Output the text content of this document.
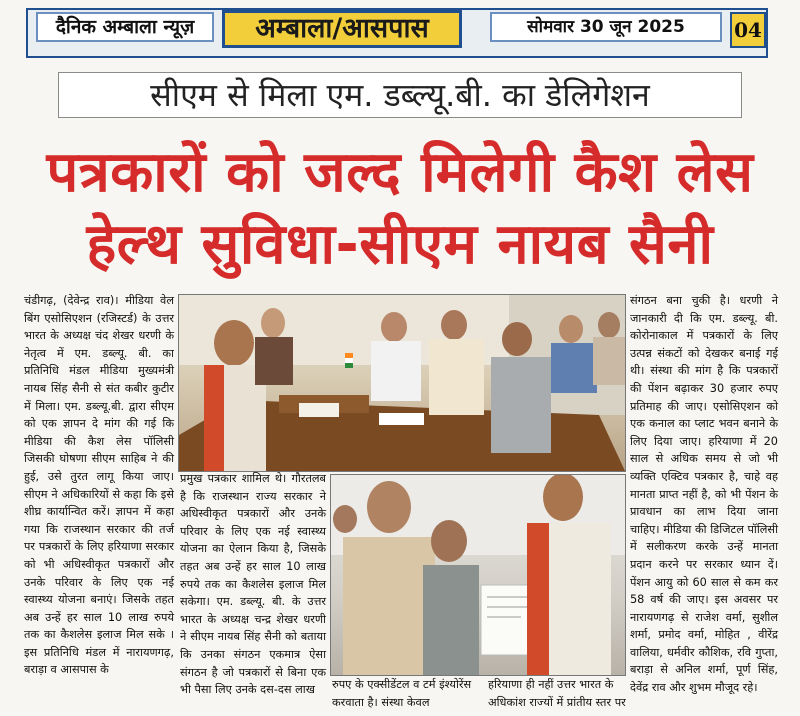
दैनिक अम्बाला न्यूज़	अम्बाला/आसपास	सोमवार 30 जून 2025	04
सीएम से मिला एम. डब्ल्यू.बी. का डेलिगेशन
पत्रकारों को जल्द मिलेगी कैश लेस
हेल्थ सुविधा-सीएम नायब सैनी
चंडीगढ़, (देवेन्द्र राव)। मीडिया वेल बिंग एसोसिएशन (रजिस्टर्ड) के उत्तर भारत के अध्यक्ष चंद शेखर धरणी के नेतृत्व में एम. डब्ल्यू. बी. का प्रतिनिधि मंडल मीडिया मुख्यमंत्री नायब सिंह सैनी से संत कबीर कुटीर में मिला। एम. डब्ल्यू.बी. द्वारा सीएम को एक ज्ञापन दे मांग की गई कि मीडिया की कैश लेस पॉलिसी जिसकी घोषणा सीएम साहिब ने की हुई, उसे तुरत लागू किया जाए। सीएम ने अधिकारियों से कहा कि इसे शीघ्र कार्यान्वित करें। ज्ञापन में कहा गया कि राजस्थान सरकार की तर्ज पर पत्रकारों के लिए हरियाणा सरकार को भी अधिस्वीकृत पत्रकारों और उनके परिवार के लिए एक नई स्वास्थ्य योजना बनाएं। जिसके तहत अब उन्हें हर साल 10 लाख रुपये तक का कैशलेस इलाज मिल सके । इस प्रतिनिधि मंडल में नारायणगढ़, बराड़ा व आसपास के
प्रमुख पत्रकार शामिल थे। गौरतलब है कि राजस्थान राज्य सरकार ने अधिस्वीकृत पत्रकारों और उनके परिवार के लिए एक नई स्वास्थ्य योजना का ऐलान किया है, जिसके तहत अब उन्हें हर साल 10 लाख रुपये तक का कैशलेस इलाज मिल सकेगा। एम. डब्ल्यू. बी. के उत्तर भारत के अध्यक्ष चन्द्र शेखर धरणी ने सीएम नायब सिंह सैनी को बताया कि उनका संगठन एकमात्र ऐसा संगठन है जो पत्रकारों से बिना एक भी पैसा लिए उनके दस-दस लाख	रुपए के एक्सीडेंटल व टर्म इंश्योरेंस करवाता है। संस्था केवल
हरियाणा ही नहीं उत्तर भारत के अधिकांश राज्यों में प्रांतीय स्तर पर
संगठन बना चुकी है। धरणी ने जानकारी दी कि एम. डब्ल्यू. बी. कोरोनाकाल में पत्रकारों के लिए उत्पन्न संकटों को देखकर बनाई गई थी। संस्था की मांग है कि पत्रकारों की पेंशन बढ़ाकर 30 हजार रुपए प्रतिमाह की जाए। एसोसिएशन को एक कनाल का प्लाट भवन बनाने के लिए दिया जाए। हरियाणा में 20 साल से अधिक समय से जो भी व्यक्ति एक्टिव पत्रकार है, चाहे वह मानता प्राप्त नहीं है, को भी पेंशन के प्रावधान का लाभ दिया जाना चाहिए। मीडिया की डिजिटल पॉलिसी में सलीकरण करके उन्हें मानता प्रदान करने पर सरकार ध्यान दें। पेंशन आयु को 60 साल से कम कर 58 वर्ष की जाए। इस अवसर पर नारायणगढ़ से राजेश वर्मा, सुशील शर्मा, प्रमोद वर्मा, मोहित , वीरेंद्र वालिया, धर्मवीर कौशिक, रवि गुप्ता, बराड़ा से अनिल शर्मा, पूर्ण सिंह, देवेंद्र राव और शुभम मौजूद रहे।
